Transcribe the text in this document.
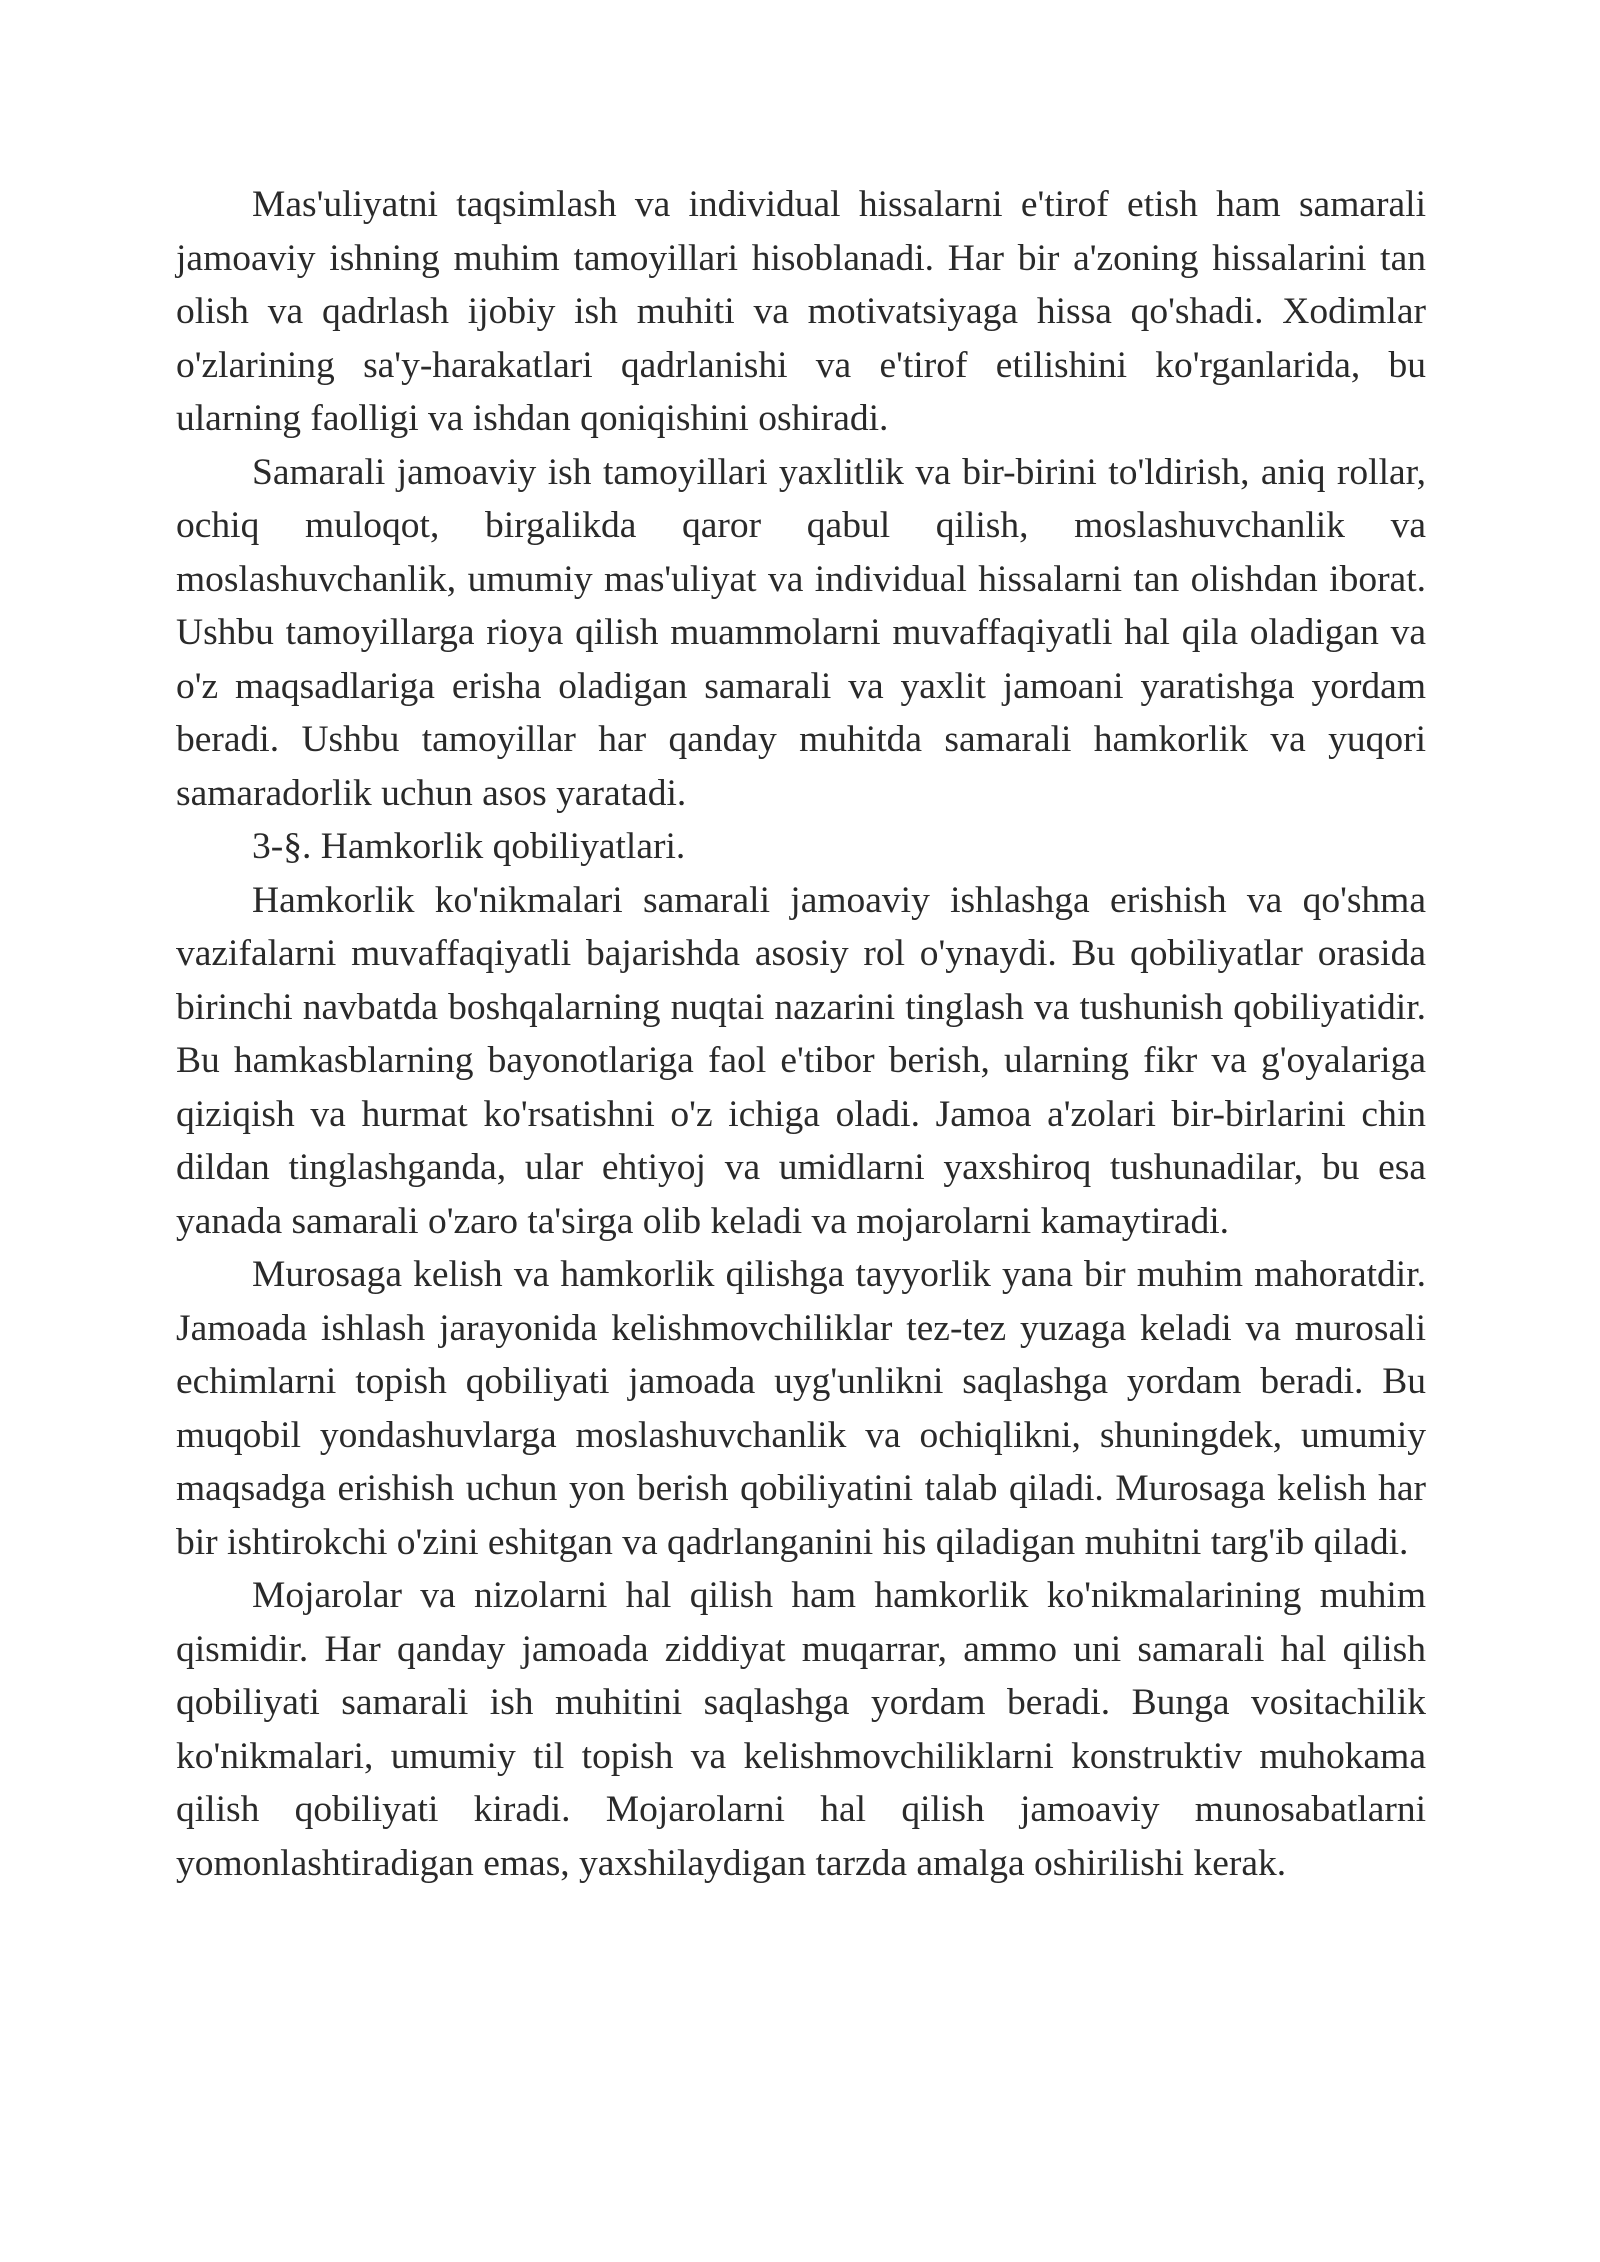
Mas'uliyatni taqsimlash va individual hissalarni e'tirof etish ham samarali jamoaviy ishning muhim tamoyillari hisoblanadi. Har bir a'zoning hissalarini tan olish va qadrlash ijobiy ish muhiti va motivatsiyaga hissa qo'shadi. Xodimlar o'zlarining sa'y-harakatlari qadrlanishi va e'tirof etilishini ko'rganlarida, bu ularning faolligi va ishdan qoniqishini oshiradi.

Samarali jamoaviy ish tamoyillari yaxlitlik va bir-birini to'ldirish, aniq rollar, ochiq muloqot, birgalikda qaror qabul qilish, moslashuvchanlik va moslashuvchanlik, umumiy mas'uliyat va individual hissalarni tan olishdan iborat. Ushbu tamoyillarga rioya qilish muammolarni muvaffaqiyatli hal qila oladigan va o'z maqsadlariga erisha oladigan samarali va yaxlit jamoani yaratishga yordam beradi. Ushbu tamoyillar har qanday muhitda samarali hamkorlik va yuqori samaradorlik uchun asos yaratadi.

3-§. Hamkorlik qobiliyatlari.

Hamkorlik ko'nikmalari samarali jamoaviy ishlashga erishish va qo'shma vazifalarni muvaffaqiyatli bajarishda asosiy rol o'ynaydi. Bu qobiliyatlar orasida birinchi navbatda boshqalarning nuqtai nazarini tinglash va tushunish qobiliyatidir. Bu hamkasblarning bayonotlariga faol e'tibor berish, ularning fikr va g'oyalariga qiziqish va hurmat ko'rsatishni o'z ichiga oladi. Jamoa a'zolari bir-birlarini chin dildan tinglashganda, ular ehtiyoj va umidlarni yaxshiroq tushunadilar, bu esa yanada samarali o'zaro ta'sirga olib keladi va mojarolarni kamaytiradi.

Murosaga kelish va hamkorlik qilishga tayyorlik yana bir muhim mahoratdir. Jamoada ishlash jarayonida kelishmovchiliklar tez-tez yuzaga keladi va murosali echimlarni topish qobiliyati jamoada uyg'unlikni saqlashga yordam beradi. Bu muqobil yondashuvlarga moslashuvchanlik va ochiqlikni, shuningdek, umumiy maqsadga erishish uchun yon berish qobiliyatini talab qiladi. Murosaga kelish har bir ishtirokchi o'zini eshitgan va qadrlanganini his qiladigan muhitni targ'ib qiladi.

Mojarolar va nizolarni hal qilish ham hamkorlik ko'nikmalarining muhim qismidir. Har qanday jamoada ziddiyat muqarrar, ammo uni samarali hal qilish qobiliyati samarali ish muhitini saqlashga yordam beradi. Bunga vositachilik ko'nikmalari, umumiy til topish va kelishmovchiliklarni konstruktiv muhokama qilish qobiliyati kiradi. Mojarolarni hal qilish jamoaviy munosabatlarni yomonlashtiradigan emas, yaxshilaydigan tarzda amalga oshirilishi kerak.
